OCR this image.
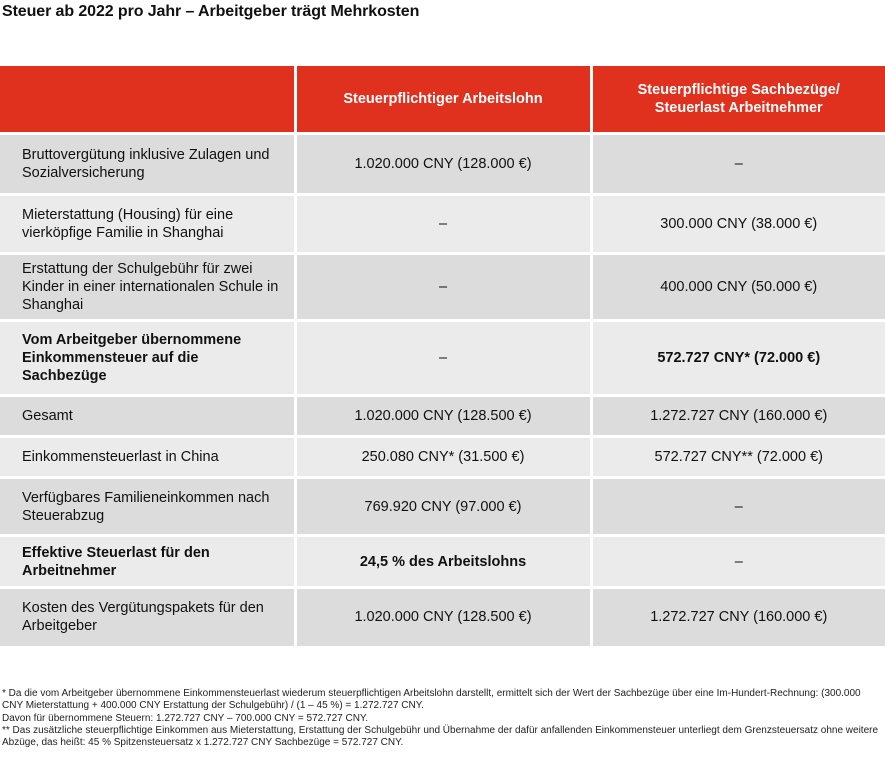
Steuer ab 2022 pro Jahr – Arbeitgeber trägt Mehrkosten
	Steuerpflichtiger Arbeitslohn	Steuerpflichtige Sachbezüge/ Steuerlast Arbeitnehmer
Bruttovergütung inklusive Zulagen und Sozialversicherung	1.020.000 CNY (128.000 €)	–
Mieterstattung (Housing) für eine vierköpfige Familie in Shanghai	–	300.000 CNY (38.000 €)
Erstattung der Schulgebühr für zwei Kinder in einer internationalen Schule in Shanghai	–	400.000 CNY (50.000 €)
Vom Arbeitgeber übernommene Einkommensteuer auf die Sachbezüge	–	572.727 CNY* (72.000 €)
Gesamt	1.020.000 CNY (128.500 €)	1.272.727 CNY (160.000 €)
Einkommensteuerlast in China	250.080 CNY* (31.500 €)	572.727 CNY** (72.000 €)
Verfügbares Familieneinkommen nach Steuerabzug	769.920 CNY (97.000 €)	–
Effektive Steuerlast für den Arbeitnehmer	24,5 % des Arbeitslohns	–
Kosten des Vergütungspakets für den Arbeitgeber	1.020.000 CNY (128.500 €)	1.272.727 CNY (160.000 €)

* Da die vom Arbeitgeber übernommene Einkommensteuerlast wiederum steuerpflichtigen Arbeitslohn darstellt, ermittelt sich der Wert der Sachbezüge über eine Im-Hundert-Rechnung: (300.000 CNY Mieterstattung + 400.000 CNY Erstattung der Schulgebühr) / (1 – 45 %) = 1.272.727 CNY.

Davon für übernommene Steuern: 1.272.727 CNY – 700.000 CNY = 572.727 CNY.

** Das zusätzliche steuerpflichtige Einkommen aus Mieterstattung, Erstattung der Schulgebühr und Übernahme der dafür anfallenden Einkommensteuer unterliegt dem Grenzsteuersatz ohne weitere Abzüge, das heißt: 45 % Spitzensteuersatz x 1.272.727 CNY Sachbezüge = 572.727 CNY.
